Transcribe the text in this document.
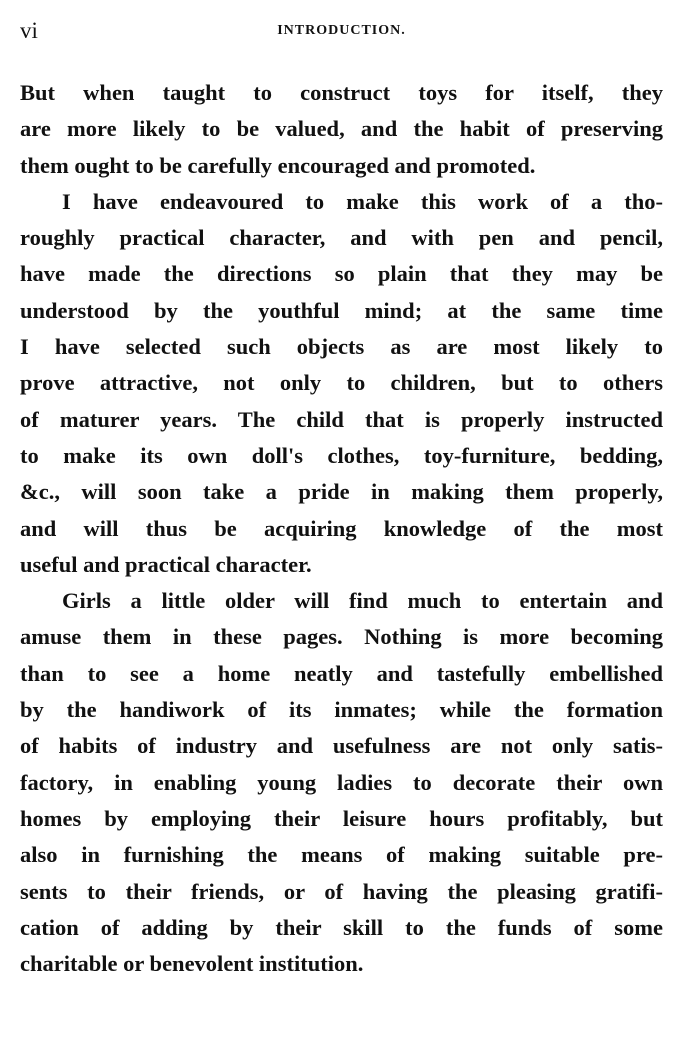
vi	INTRODUCTION.
But when taught to construct toys for itself, they
are more likely to be valued, and the habit of preserving
them ought to be carefully encouraged and promoted.
I have endeavoured to make this work of a tho-
roughly practical character, and with pen and pencil,
have made the directions so plain that they may be
understood by the youthful mind; at the same time
I have selected such objects as are most likely to
prove attractive, not only to children, but to others
of maturer years. The child that is properly instructed
to make its own doll's clothes, toy-furniture, bedding,
&c., will soon take a pride in making them properly,
and will thus be acquiring knowledge of the most
useful and practical character.
Girls a little older will find much to entertain and
amuse them in these pages. Nothing is more becoming
than to see a home neatly and tastefully embellished
by the handiwork of its inmates; while the formation
of habits of industry and usefulness are not only satis-
factory, in enabling young ladies to decorate their own
homes by employing their leisure hours profitably, but
also in furnishing the means of making suitable pre-
sents to their friends, or of having the pleasing gratifi-
cation of adding by their skill to the funds of some
charitable or benevolent institution.
